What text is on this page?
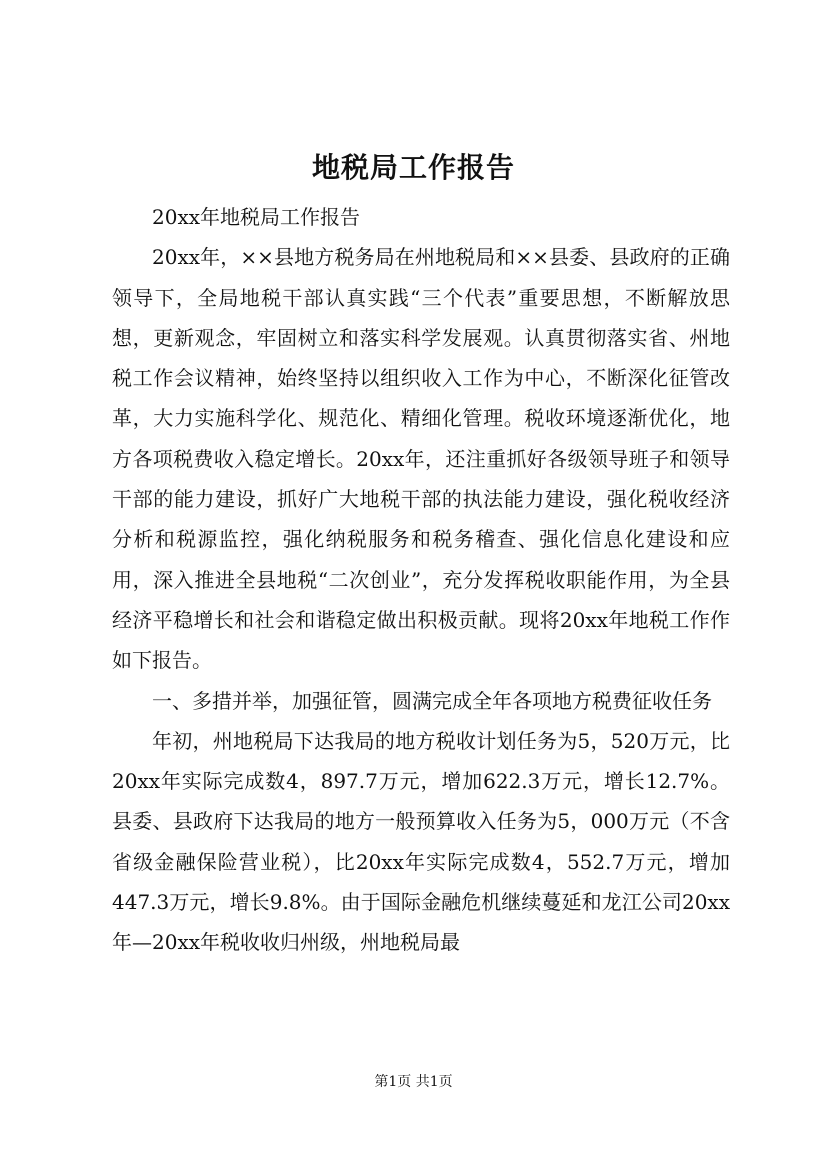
地税局工作报告

20xx年地税局工作报告

20xx年，××县地方税务局在州地税局和××县委、县政府的正确领导下，全局地税干部认真实践“三个代表”重要思想，不断解放思想，更新观念，牢固树立和落实科学发展观。认真贯彻落实省、州地税工作会议精神，始终坚持以组织收入工作为中心，不断深化征管改革，大力实施科学化、规范化、精细化管理。税收环境逐渐优化，地方各项税费收入稳定增长。20xx年，还注重抓好各级领导班子和领导干部的能力建设，抓好广大地税干部的执法能力建设，强化税收经济分析和税源监控，强化纳税服务和税务稽查、强化信息化建设和应用，深入推进全县地税“二次创业”，充分发挥税收职能作用，为全县经济平稳增长和社会和谐稳定做出积极贡献。现将20xx年地税工作作如下报告。

一、多措并举，加强征管，圆满完成全年各项地方税费征收任务

年初，州地税局下达我局的地方税收计划任务为5，520万元，比20xx年实际完成数4，897.7万元，增加622.3万元，增长12.7%。县委、县政府下达我局的地方一般预算收入任务为5，000万元（不含省级金融保险营业税），比20xx年实际完成数4，552.7万元，增加447.3万元，增长9.8%。由于国际金融危机继续蔓延和龙江公司20xx年—20xx年税收收归州级，州地税局最

第1页 共1页
